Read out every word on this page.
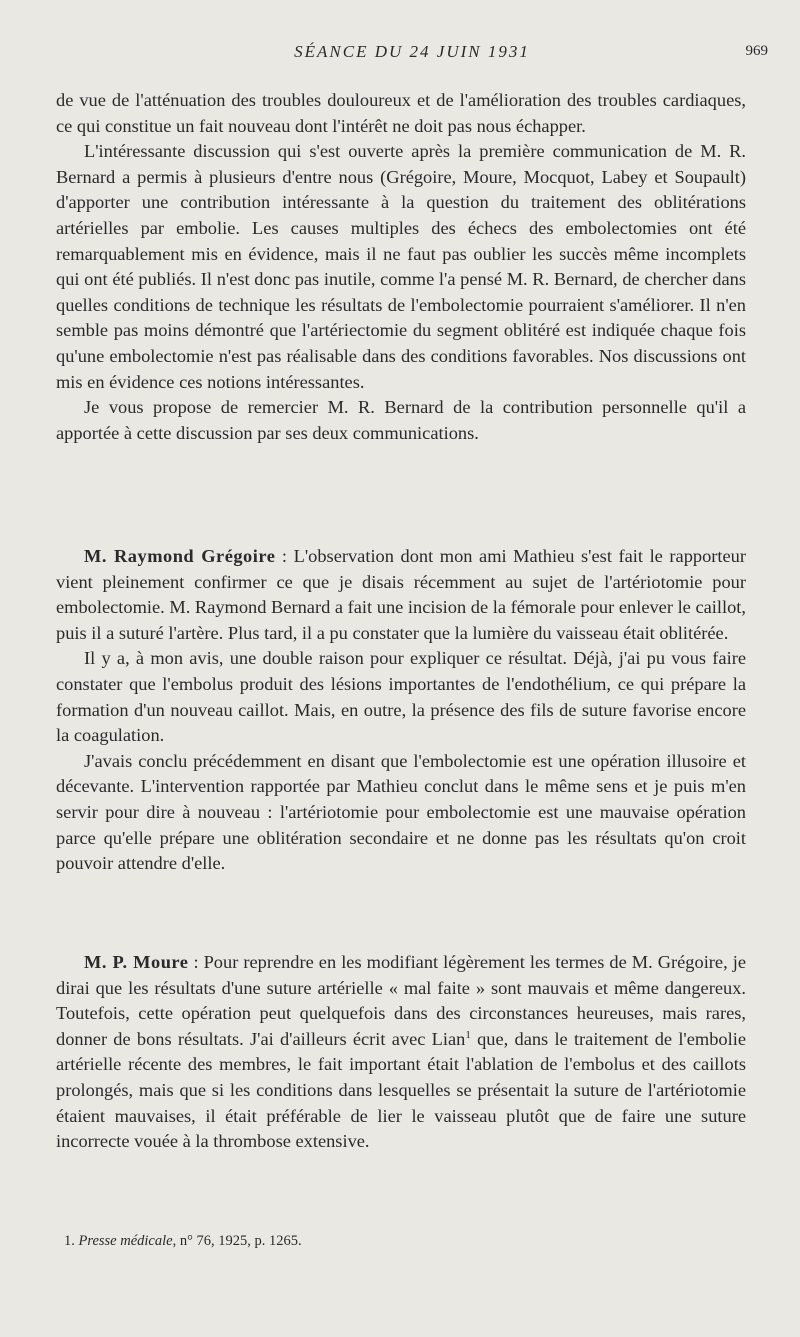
SÉANCE DU 24 JUIN 1931	969

de vue de l'atténuation des troubles douloureux et de l'amélioration des troubles cardiaques, ce qui constitue un fait nouveau dont l'intérêt ne doit pas nous échapper.

L'intéressante discussion qui s'est ouverte après la première communication de M. R. Bernard a permis à plusieurs d'entre nous (Grégoire, Moure, Mocquot, Labey et Soupault) d'apporter une contribution intéressante à la question du traitement des oblitérations artérielles par embolie. Les causes multiples des échecs des embolectomies ont été remarquablement mis en évidence, mais il ne faut pas oublier les succès même incomplets qui ont été publiés. Il n'est donc pas inutile, comme l'a pensé M. R. Bernard, de chercher dans quelles conditions de technique les résultats de l'embolectomie pourraient s'améliorer. Il n'en semble pas moins démontré que l'artériectomie du segment oblitéré est indiquée chaque fois qu'une embolectomie n'est pas réalisable dans des conditions favorables. Nos discussions ont mis en évidence ces notions intéressantes.

Je vous propose de remercier M. R. Bernard de la contribution personnelle qu'il a apportée à cette discussion par ses deux communications.

M. Raymond Grégoire : L'observation dont mon ami Mathieu s'est fait le rapporteur vient pleinement confirmer ce que je disais récemment au sujet de l'artériotomie pour embolectomie. M. Raymond Bernard a fait une incision de la fémorale pour enlever le caillot, puis il a suturé l'artère. Plus tard, il a pu constater que la lumière du vaisseau était oblitérée.

Il y a, à mon avis, une double raison pour expliquer ce résultat. Déjà, j'ai pu vous faire constater que l'embolus produit des lésions importantes de l'endothélium, ce qui prépare la formation d'un nouveau caillot. Mais, en outre, la présence des fils de suture favorise encore la coagulation.

J'avais conclu précédemment en disant que l'embolectomie est une opération illusoire et décevante. L'intervention rapportée par Mathieu conclut dans le même sens et je puis m'en servir pour dire à nouveau : l'artériotomie pour embolectomie est une mauvaise opération parce qu'elle prépare une oblitération secondaire et ne donne pas les résultats qu'on croit pouvoir attendre d'elle.

M. P. Moure : Pour reprendre en les modifiant légèrement les termes de M. Grégoire, je dirai que les résultats d'une suture artérielle « mal faite » sont mauvais et même dangereux. Toutefois, cette opération peut quelquefois dans des circonstances heureuses, mais rares, donner de bons résultats. J'ai d'ailleurs écrit avec Lian$^1$ que, dans le traitement de l'embolie artérielle récente des membres, le fait important était l'ablation de l'embolus et des caillots prolongés, mais que si les conditions dans lesquelles se présentait la suture de l'artériotomie étaient mauvaises, il était préférable de lier le vaisseau plutôt que de faire une suture incorrecte vouée à la thrombose extensive.

1. Presse médicale, n° 76, 1925, p. 1265.
